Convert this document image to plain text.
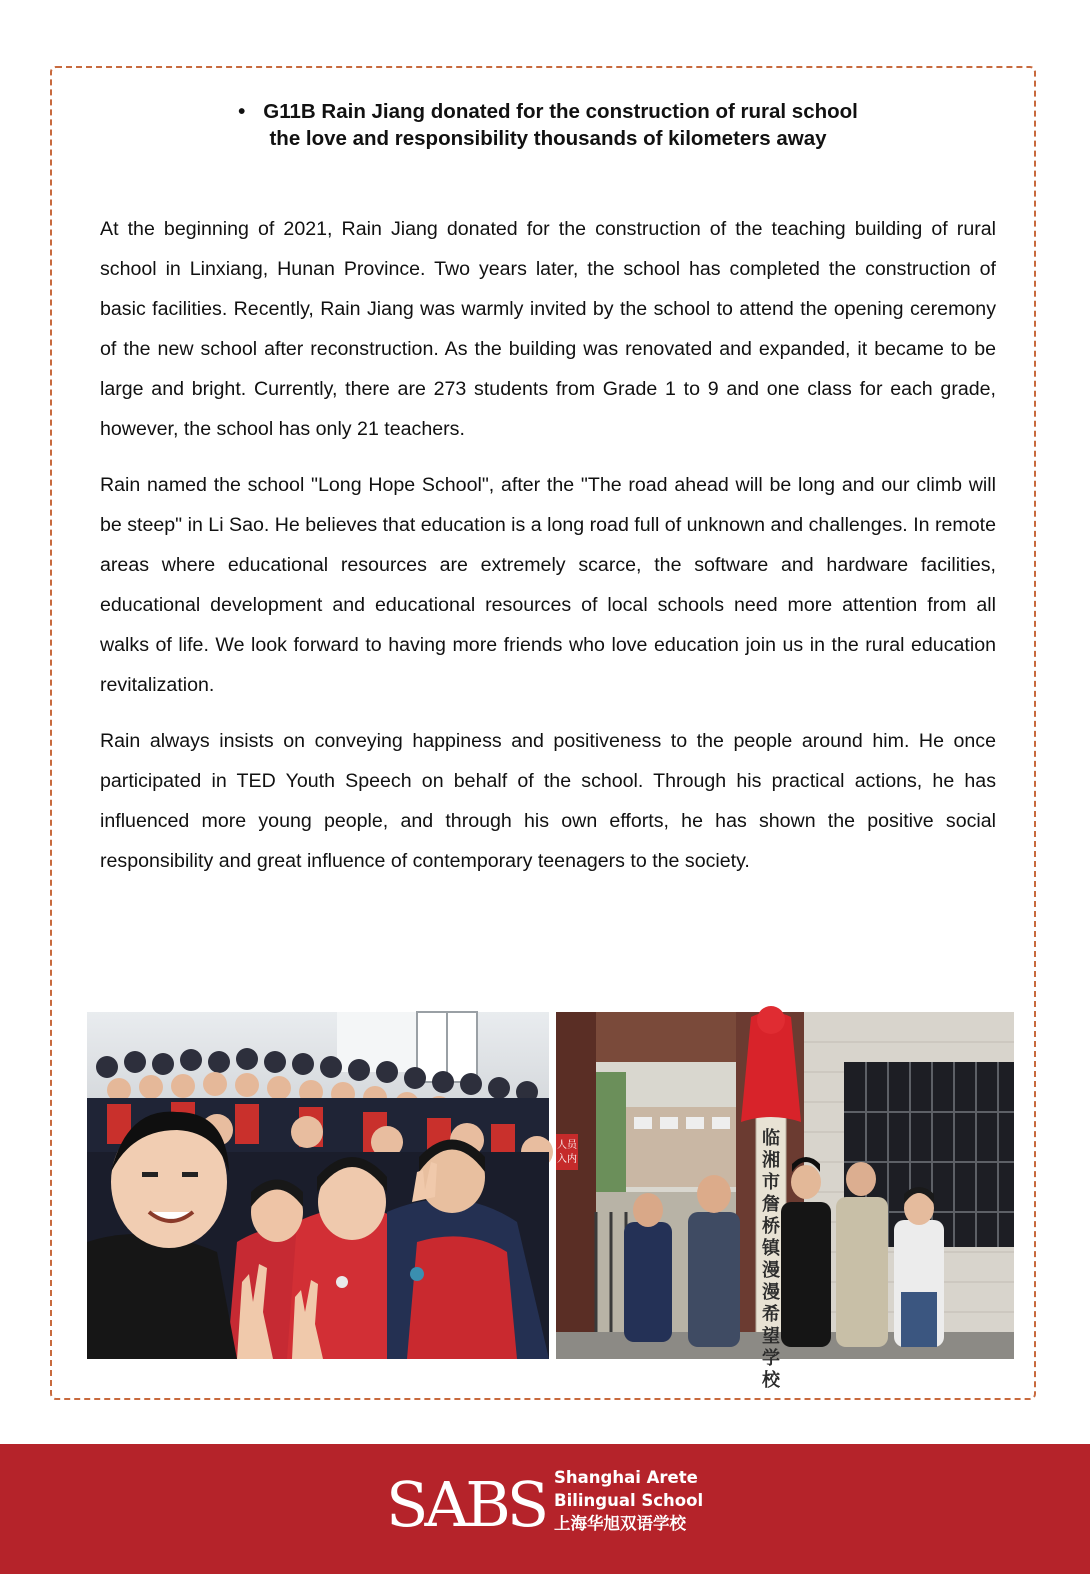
• G11B Rain Jiang donated for the construction of rural school
the love and responsibility thousands of kilometers away

At the beginning of 2021, Rain Jiang donated for the construction of the teaching building of rural school in Linxiang, Hunan Province. Two years later, the school has completed the construction of basic facilities. Recently, Rain Jiang was warmly invited by the school to attend the opening ceremony of the new school after reconstruction. As the building was renovated and expanded, it became to be large and bright. Currently, there are 273 students from Grade 1 to 9 and one class for each grade, however, the school has only 21 teachers.

Rain named the school "Long Hope School", after the "The road ahead will be long and our climb will be steep" in Li Sao. He believes that education is a long road full of unknown and challenges. In remote areas where educational resources are extremely scarce, the software and hardware facilities, educational development and educational resources of local schools need more attention from all walks of life. We look forward to having more friends who love education join us in the rural education revitalization.

Rain always insists on conveying happiness and positiveness to the people around him. He once participated in TED Youth Speech on behalf of the school. Through his practical actions, he has influenced more young people, and through his own efforts, he has shown the positive social responsibility and great influence of contemporary teenagers to the society.

人员
入内
临
湘
市
詹
桥
镇
漫
漫
希
望
学
校
SABS Shanghai Arete
Bilingual School
上海华旭双语学校
